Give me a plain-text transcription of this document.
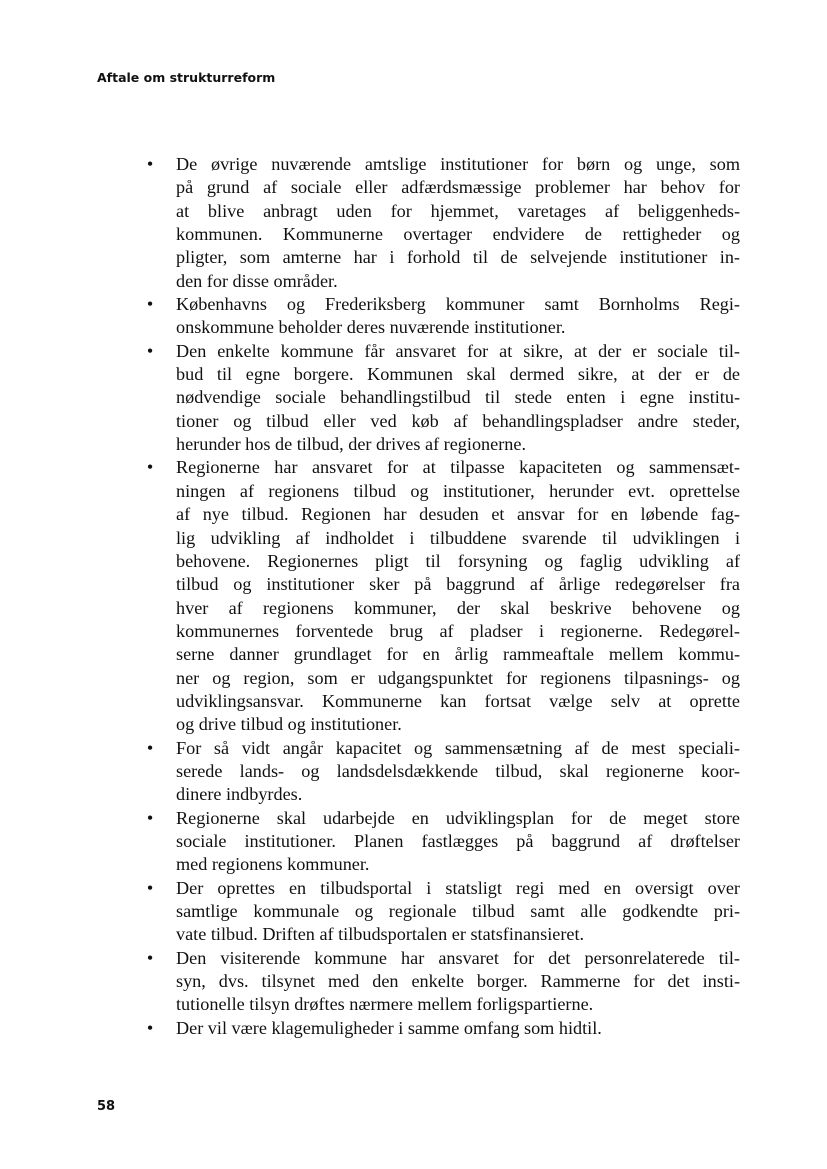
Aftale om strukturreform
• De øvrige nuværende amtslige institutioner for børn og unge, som
på grund af sociale eller adfærdsmæssige problemer har behov for
at blive anbragt uden for hjemmet, varetages af beliggenheds-
kommunen. Kommunerne overtager endvidere de rettigheder og
pligter, som amterne har i forhold til de selvejende institutioner in-
den for disse områder.
• Københavns og Frederiksberg kommuner samt Bornholms Regi-
onskommune beholder deres nuværende institutioner.
• Den enkelte kommune får ansvaret for at sikre, at der er sociale til-
bud til egne borgere. Kommunen skal dermed sikre, at der er de
nødvendige sociale behandlingstilbud til stede enten i egne institu-
tioner og tilbud eller ved køb af behandlingspladser andre steder,
herunder hos de tilbud, der drives af regionerne.
• Regionerne har ansvaret for at tilpasse kapaciteten og sammensæt-
ningen af regionens tilbud og institutioner, herunder evt. oprettelse
af nye tilbud. Regionen har desuden et ansvar for en løbende fag-
lig udvikling af indholdet i tilbuddene svarende til udviklingen i
behovene. Regionernes pligt til forsyning og faglig udvikling af
tilbud og institutioner sker på baggrund af årlige redegørelser fra
hver af regionens kommuner, der skal beskrive behovene og
kommunernes forventede brug af pladser i regionerne. Redegørel-
serne danner grundlaget for en årlig rammeaftale mellem kommu-
ner og region, som er udgangspunktet for regionens tilpasnings- og
udviklingsansvar. Kommunerne kan fortsat vælge selv at oprette
og drive tilbud og institutioner.
• For så vidt angår kapacitet og sammensætning af de mest speciali-
serede lands- og landsdelsdækkende tilbud, skal regionerne koor-
dinere indbyrdes.
• Regionerne skal udarbejde en udviklingsplan for de meget store
sociale institutioner. Planen fastlægges på baggrund af drøftelser
med regionens kommuner.
• Der oprettes en tilbudsportal i statsligt regi med en oversigt over
samtlige kommunale og regionale tilbud samt alle godkendte pri-
vate tilbud. Driften af tilbudsportalen er statsfinansieret.
• Den visiterende kommune har ansvaret for det personrelaterede til-
syn, dvs. tilsynet med den enkelte borger. Rammerne for det insti-
tutionelle tilsyn drøftes nærmere mellem forligspartierne.
• Der vil være klagemuligheder i samme omfang som hidtil.
58
